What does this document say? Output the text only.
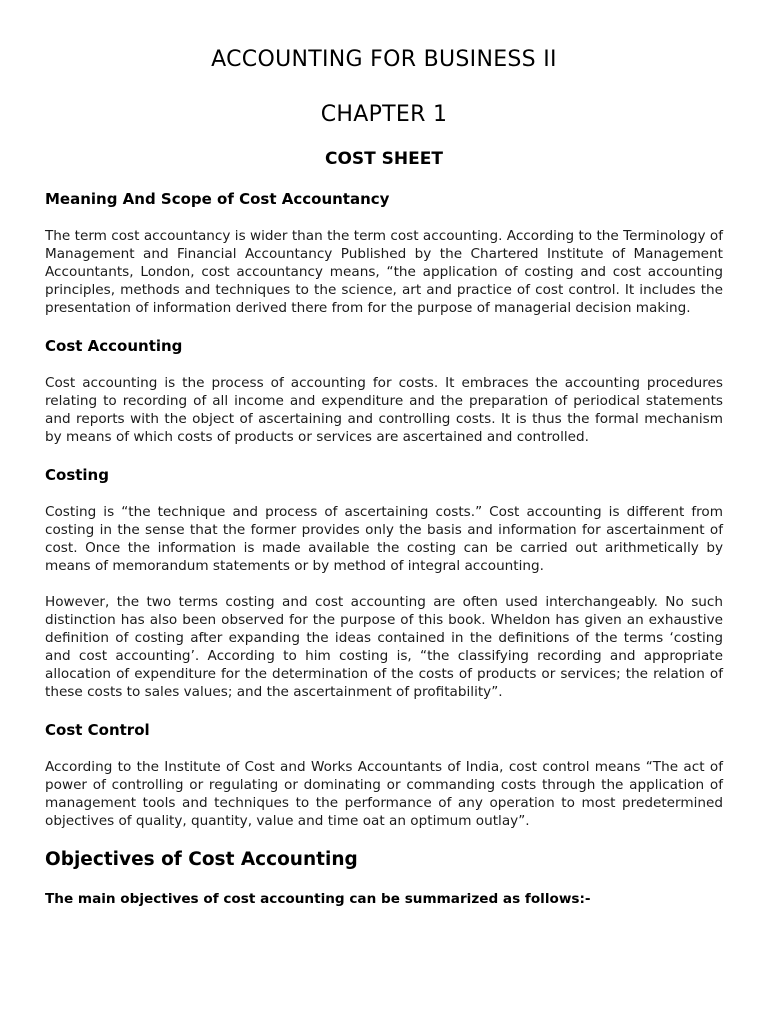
ACCOUNTING FOR BUSINESS II
CHAPTER 1
COST SHEET
Meaning And Scope of Cost Accountancy

The term cost accountancy is wider than the term cost accounting. According to the Terminology of Management and Financial Accountancy Published by the Chartered Institute of Management Accountants, London, cost accountancy means, “the application of costing and cost accounting principles, methods and techniques to the science, art and practice of cost control. It includes the presentation of information derived there from for the purpose of managerial decision making.

Cost Accounting

Cost accounting is the process of accounting for costs. It embraces the accounting procedures relating to recording of all income and expenditure and the preparation of periodical statements and reports with the object of ascertaining and controlling costs. It is thus the formal mechanism by means of which costs of products or services are ascertained and controlled.

Costing

Costing is “the technique and process of ascertaining costs.” Cost accounting is different from costing in the sense that the former provides only the basis and information for ascertainment of cost. Once the information is made available the costing can be carried out arithmetically by means of memorandum statements or by method of integral accounting.

However, the two terms costing and cost accounting are often used interchangeably. No such distinction has also been observed for the purpose of this book. Wheldon has given an exhaustive definition of costing after expanding the ideas contained in the definitions of the terms ‘costing and cost accounting’. According to him costing is, “the classifying recording and appropriate allocation of expenditure for the determination of the costs of products or services; the relation of these costs to sales values; and the ascertainment of profitability”.

Cost Control

According to the Institute of Cost and Works Accountants of India, cost control means “The act of power of controlling or regulating or dominating or commanding costs through the application of management tools and techniques to the performance of any operation to most predetermined objectives of quality, quantity, value and time oat an optimum outlay”.

Objectives of Cost Accounting

The main objectives of cost accounting can be summarized as follows:-
